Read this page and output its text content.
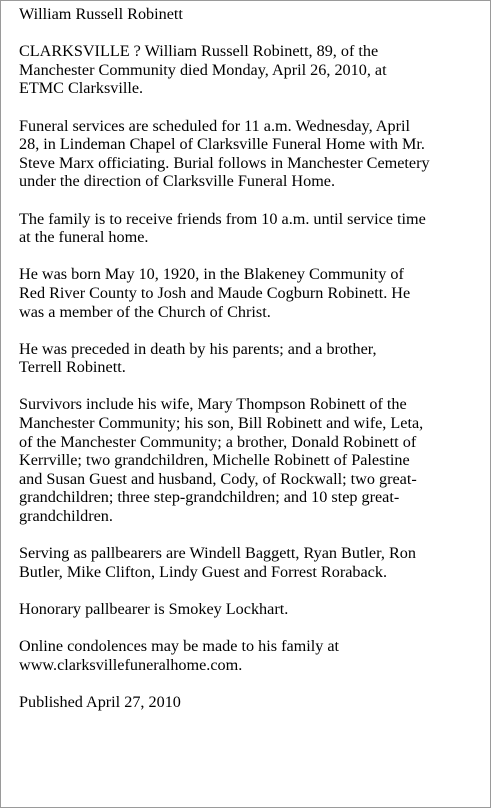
William Russell Robinett

CLARKSVILLE ? William Russell Robinett, 89, of the
Manchester Community died Monday, April 26, 2010, at
ETMC Clarksville.

Funeral services are scheduled for 11 a.m. Wednesday, April
28, in Lindeman Chapel of Clarksville Funeral Home with Mr.
Steve Marx officiating. Burial follows in Manchester Cemetery
under the direction of Clarksville Funeral Home.

The family is to receive friends from 10 a.m. until service time
at the funeral home.

He was born May 10, 1920, in the Blakeney Community of
Red River County to Josh and Maude Cogburn Robinett. He
was a member of the Church of Christ.

He was preceded in death by his parents; and a brother,
Terrell Robinett.

Survivors include his wife, Mary Thompson Robinett of the
Manchester Community; his son, Bill Robinett and wife, Leta,
of the Manchester Community; a brother, Donald Robinett of
Kerrville; two grandchildren, Michelle Robinett of Palestine
and Susan Guest and husband, Cody, of Rockwall; two great-
grandchildren; three step-grandchildren; and 10 step great-
grandchildren.

Serving as pallbearers are Windell Baggett, Ryan Butler, Ron
Butler, Mike Clifton, Lindy Guest and Forrest Roraback.

Honorary pallbearer is Smokey Lockhart.

Online condolences may be made to his family at
www.clarksvillefuneralhome.com.

Published April 27, 2010
